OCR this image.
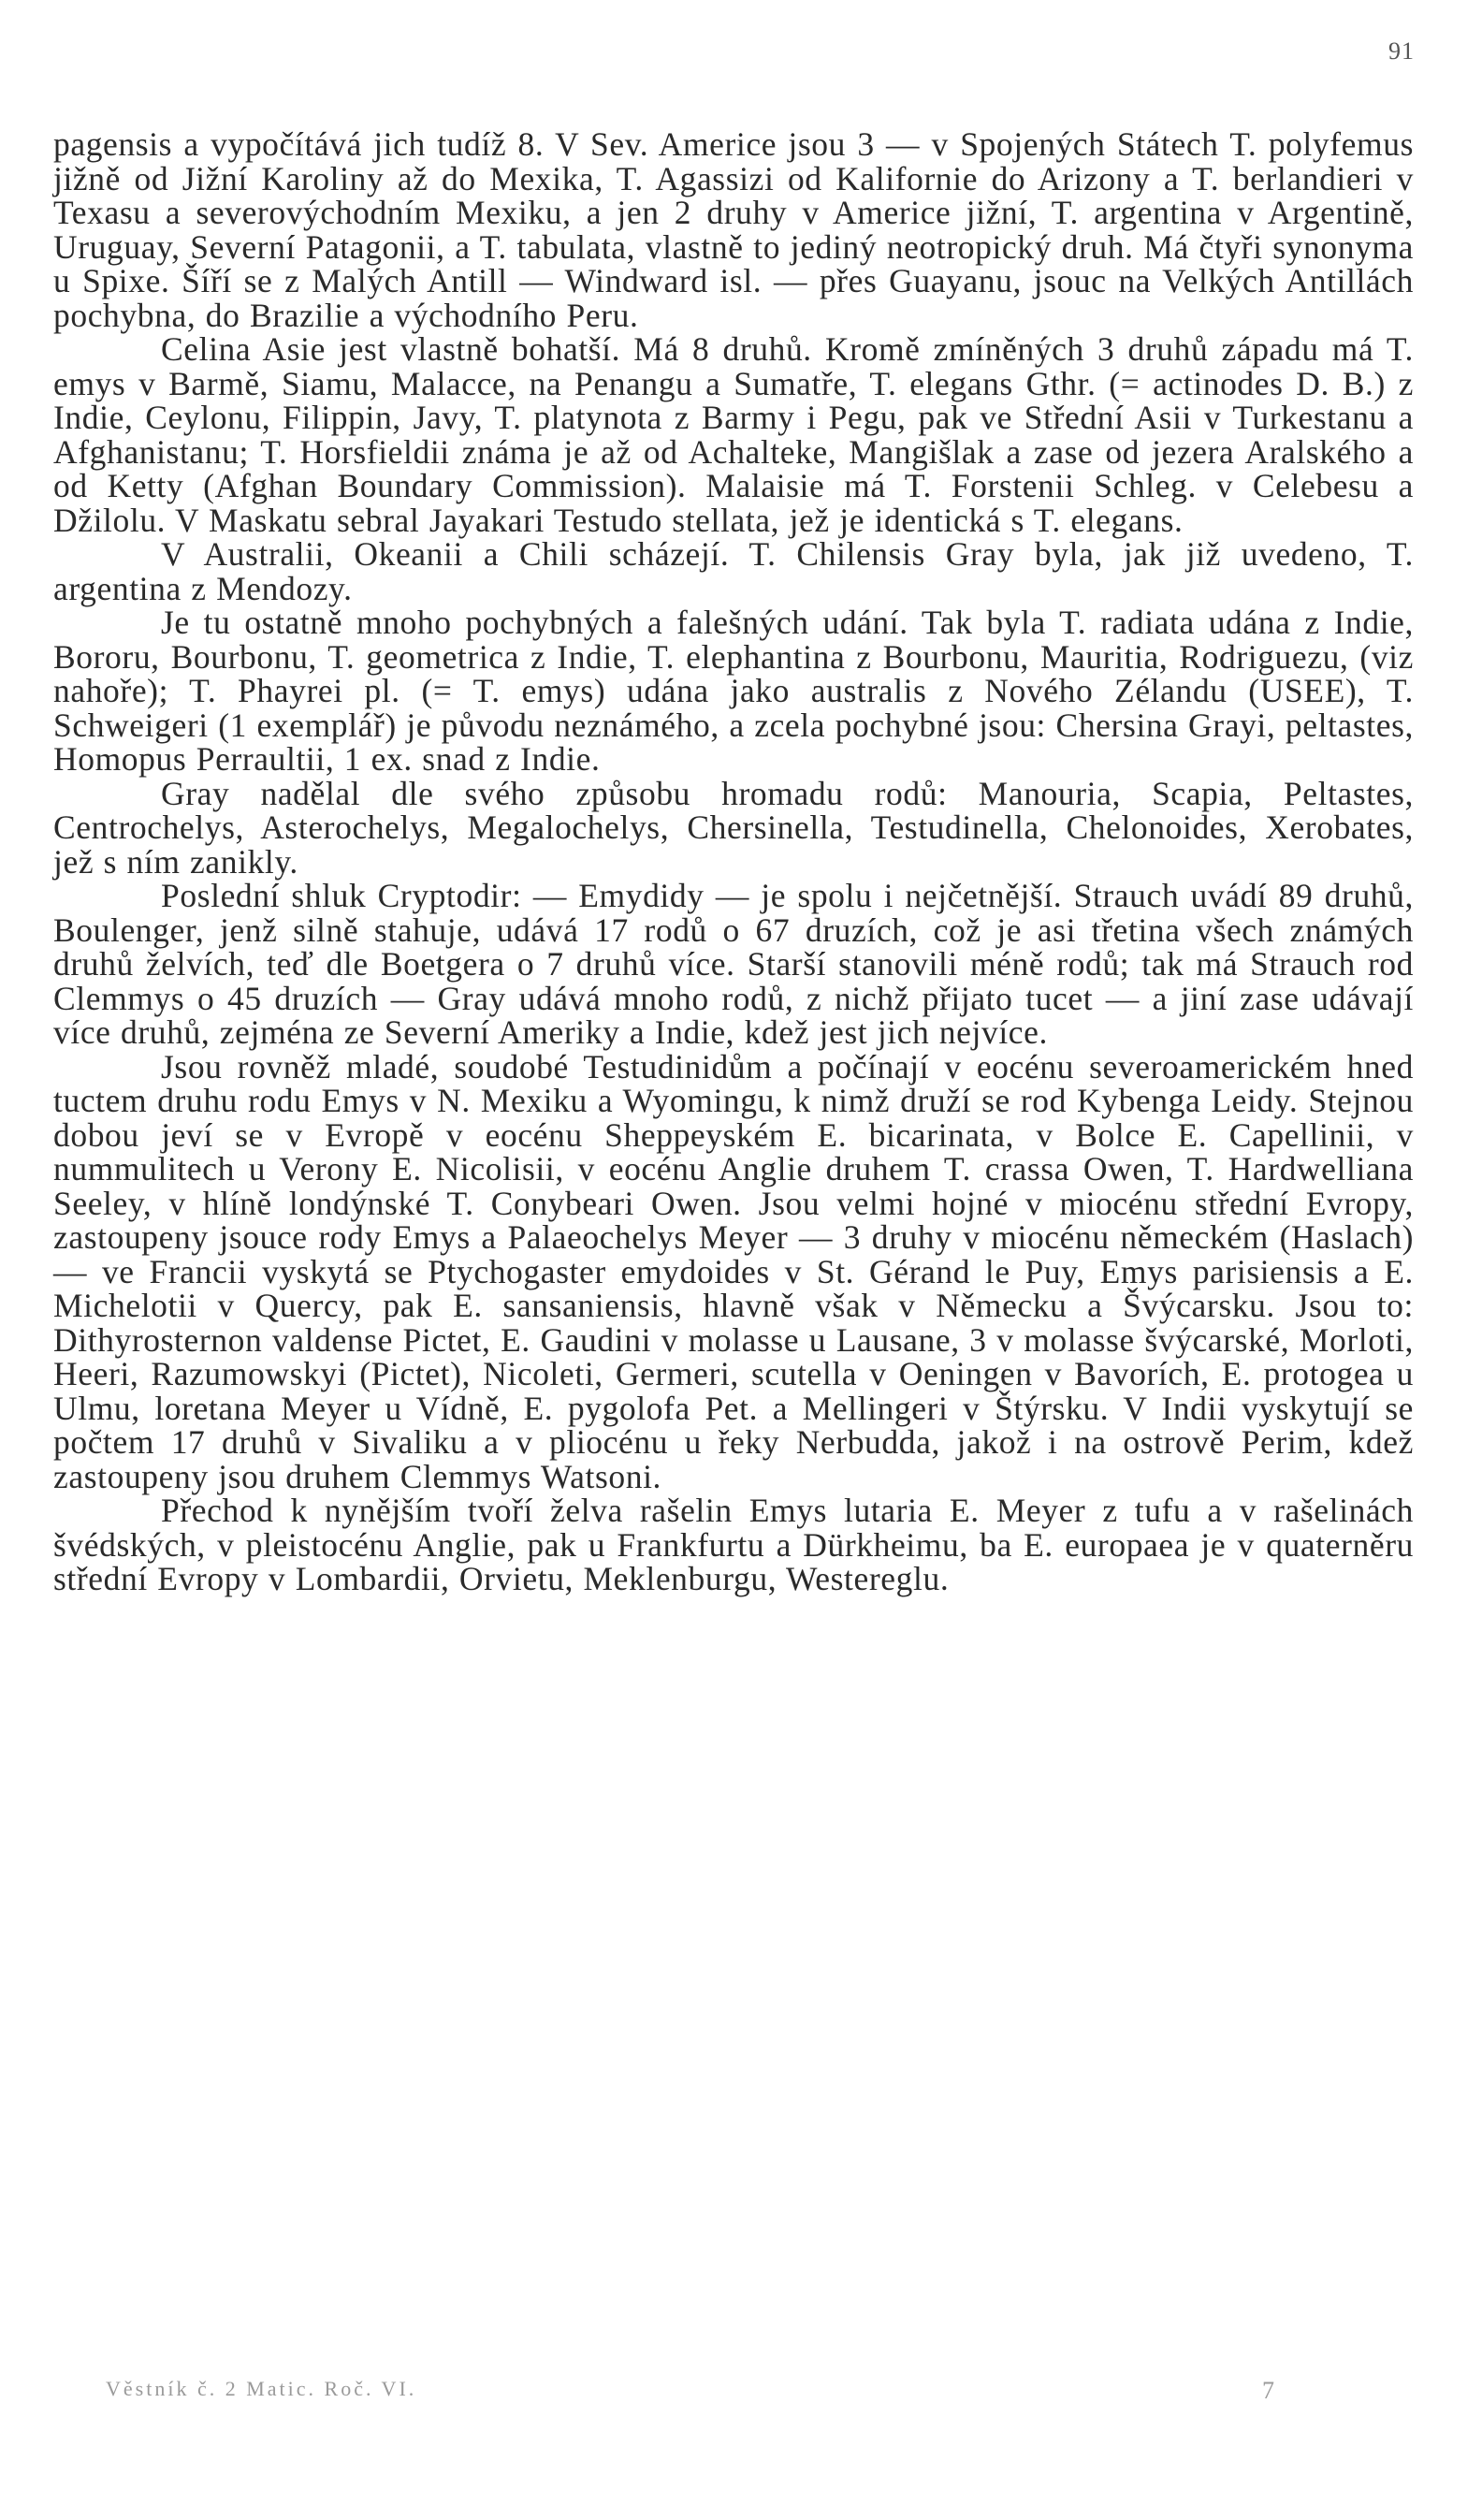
91

pagensis a vypočítává jich tudíž 8. V Sev. Americe jsou 3 — v Spojených Státech T. polyfemus jižně od Jižní Karoliny až do Mexika, T. Agassizi od Kalifornie do Arizony a T. berlandieri v Texasu a severovýchodním Mexiku, a jen 2 druhy v Americe jižní, T. argentina v Argentině, Uruguay, Severní Patagonii, a T. tabulata, vlastně to jediný neotropický druh. Má čtyři synonyma u Spixe. Šíří se z Malých Antill — Windward isl. — přes Guayanu, jsouc na Velkých Antillách pochybna, do Brazilie a východního Peru.

Celina Asie jest vlastně bohatší. Má 8 druhů. Kromě zmíněných 3 druhů západu má T. emys v Barmě, Siamu, Malacce, na Penangu a Sumatře, T. elegans Gthr. (= actinodes D. B.) z Indie, Ceylonu, Filippin, Javy, T. platynota z Barmy i Pegu, pak ve Střední Asii v Turkestanu a Afghanistanu; T. Horsfieldii známa je až od Achalteke, Mangišlak a zase od jezera Aralského a od Ketty (Afghan Boundary Commission). Malaisie má T. Forstenii Schleg. v Celebesu a Džilolu. V Maskatu sebral Jayakari Testudo stellata, jež je identická s T. elegans.

V Australii, Okeanii a Chili scházejí. T. Chilensis Gray byla, jak již uvedeno, T. argentina z Mendozy.

Je tu ostatně mnoho pochybných a falešných udání. Tak byla T. radiata udána z Indie, Bororu, Bourbonu, T. geometrica z Indie, T. elephantina z Bourbonu, Mauritia, Rodriguezu, (viz nahoře); T. Phayrei pl. (= T. emys) udána jako australis z Nového Zélandu (USEE), T. Schweigeri (1 exemplář) je původu neznámého, a zcela pochybné jsou: Chersina Grayi, peltastes, Homopus Perraultii, 1 ex. snad z Indie.

Gray nadělal dle svého způsobu hromadu rodů: Manouria, Scapia, Peltastes, Centrochelys, Asterochelys, Megalochelys, Chersinella, Testudinella, Chelonoides, Xerobates, jež s ním zanikly.

Poslední shluk Cryptodir: — Emydidy — je spolu i nejčetnější. Strauch uvádí 89 druhů, Boulenger, jenž silně stahuje, udává 17 rodů o 67 druzích, což je asi třetina všech známých druhů želvích, teď dle Boetgera o 7 druhů více. Starší stanovili méně rodů; tak má Strauch rod Clemmys o 45 druzích — Gray udává mnoho rodů, z nichž přijato tucet — a jiní zase udávají více druhů, zejména ze Severní Ameriky a Indie, kdež jest jich nejvíce.

Jsou rovněž mladé, soudobé Testudinidům a počínají v eocénu severoamerickém hned tuctem druhu rodu Emys v N. Mexiku a Wyomingu, k nimž druží se rod Kybenga Leidy. Stejnou dobou jeví se v Evropě v eocénu Sheppeyském E. bicarinata, v Bolce E. Capellinii, v nummulitech u Verony E. Nicolisii, v eocénu Anglie druhem T. crassa Owen, T. Hardwelliana Seeley, v hlíně londýnské T. Conybeari Owen. Jsou velmi hojné v miocénu střední Evropy, zastoupeny jsouce rody Emys a Palaeochelys Meyer — 3 druhy v miocénu německém (Haslach) — ve Francii vyskytá se Ptychogaster emydoides v St. Gérand le Puy, Emys parisiensis a E. Michelotii v Quercy, pak E. sansaniensis, hlavně však v Německu a Švýcarsku. Jsou to: Dithyrosternon valdense Pictet, E. Gaudini v molasse u Lausane, 3 v molasse švýcarské, Morloti, Heeri, Razumowskyi (Pictet), Nicoleti, Germeri, scutella v Oeningen v Bavorích, E. protogea u Ulmu, loretana Meyer u Vídně, E. pygolofa Pet. a Mellingeri v Štýrsku. V Indii vyskytují se počtem 17 druhů v Sivaliku a v pliocénu u řeky Nerbudda, jakož i na ostrově Perim, kdež zastoupeny jsou druhem Clemmys Watsoni.

Přechod k nynějším tvoří želva rašelin Emys lutaria E. Meyer z tufu a v rašelinách švédských, v pleistocénu Anglie, pak u Frankfurtu a Dürkheimu, ba E. europaea je v quaterněru střední Evropy v Lombardii, Orvietu, Meklenburgu, Westereglu.

Věstník č. 2 Matic. Roč. VI.	7
